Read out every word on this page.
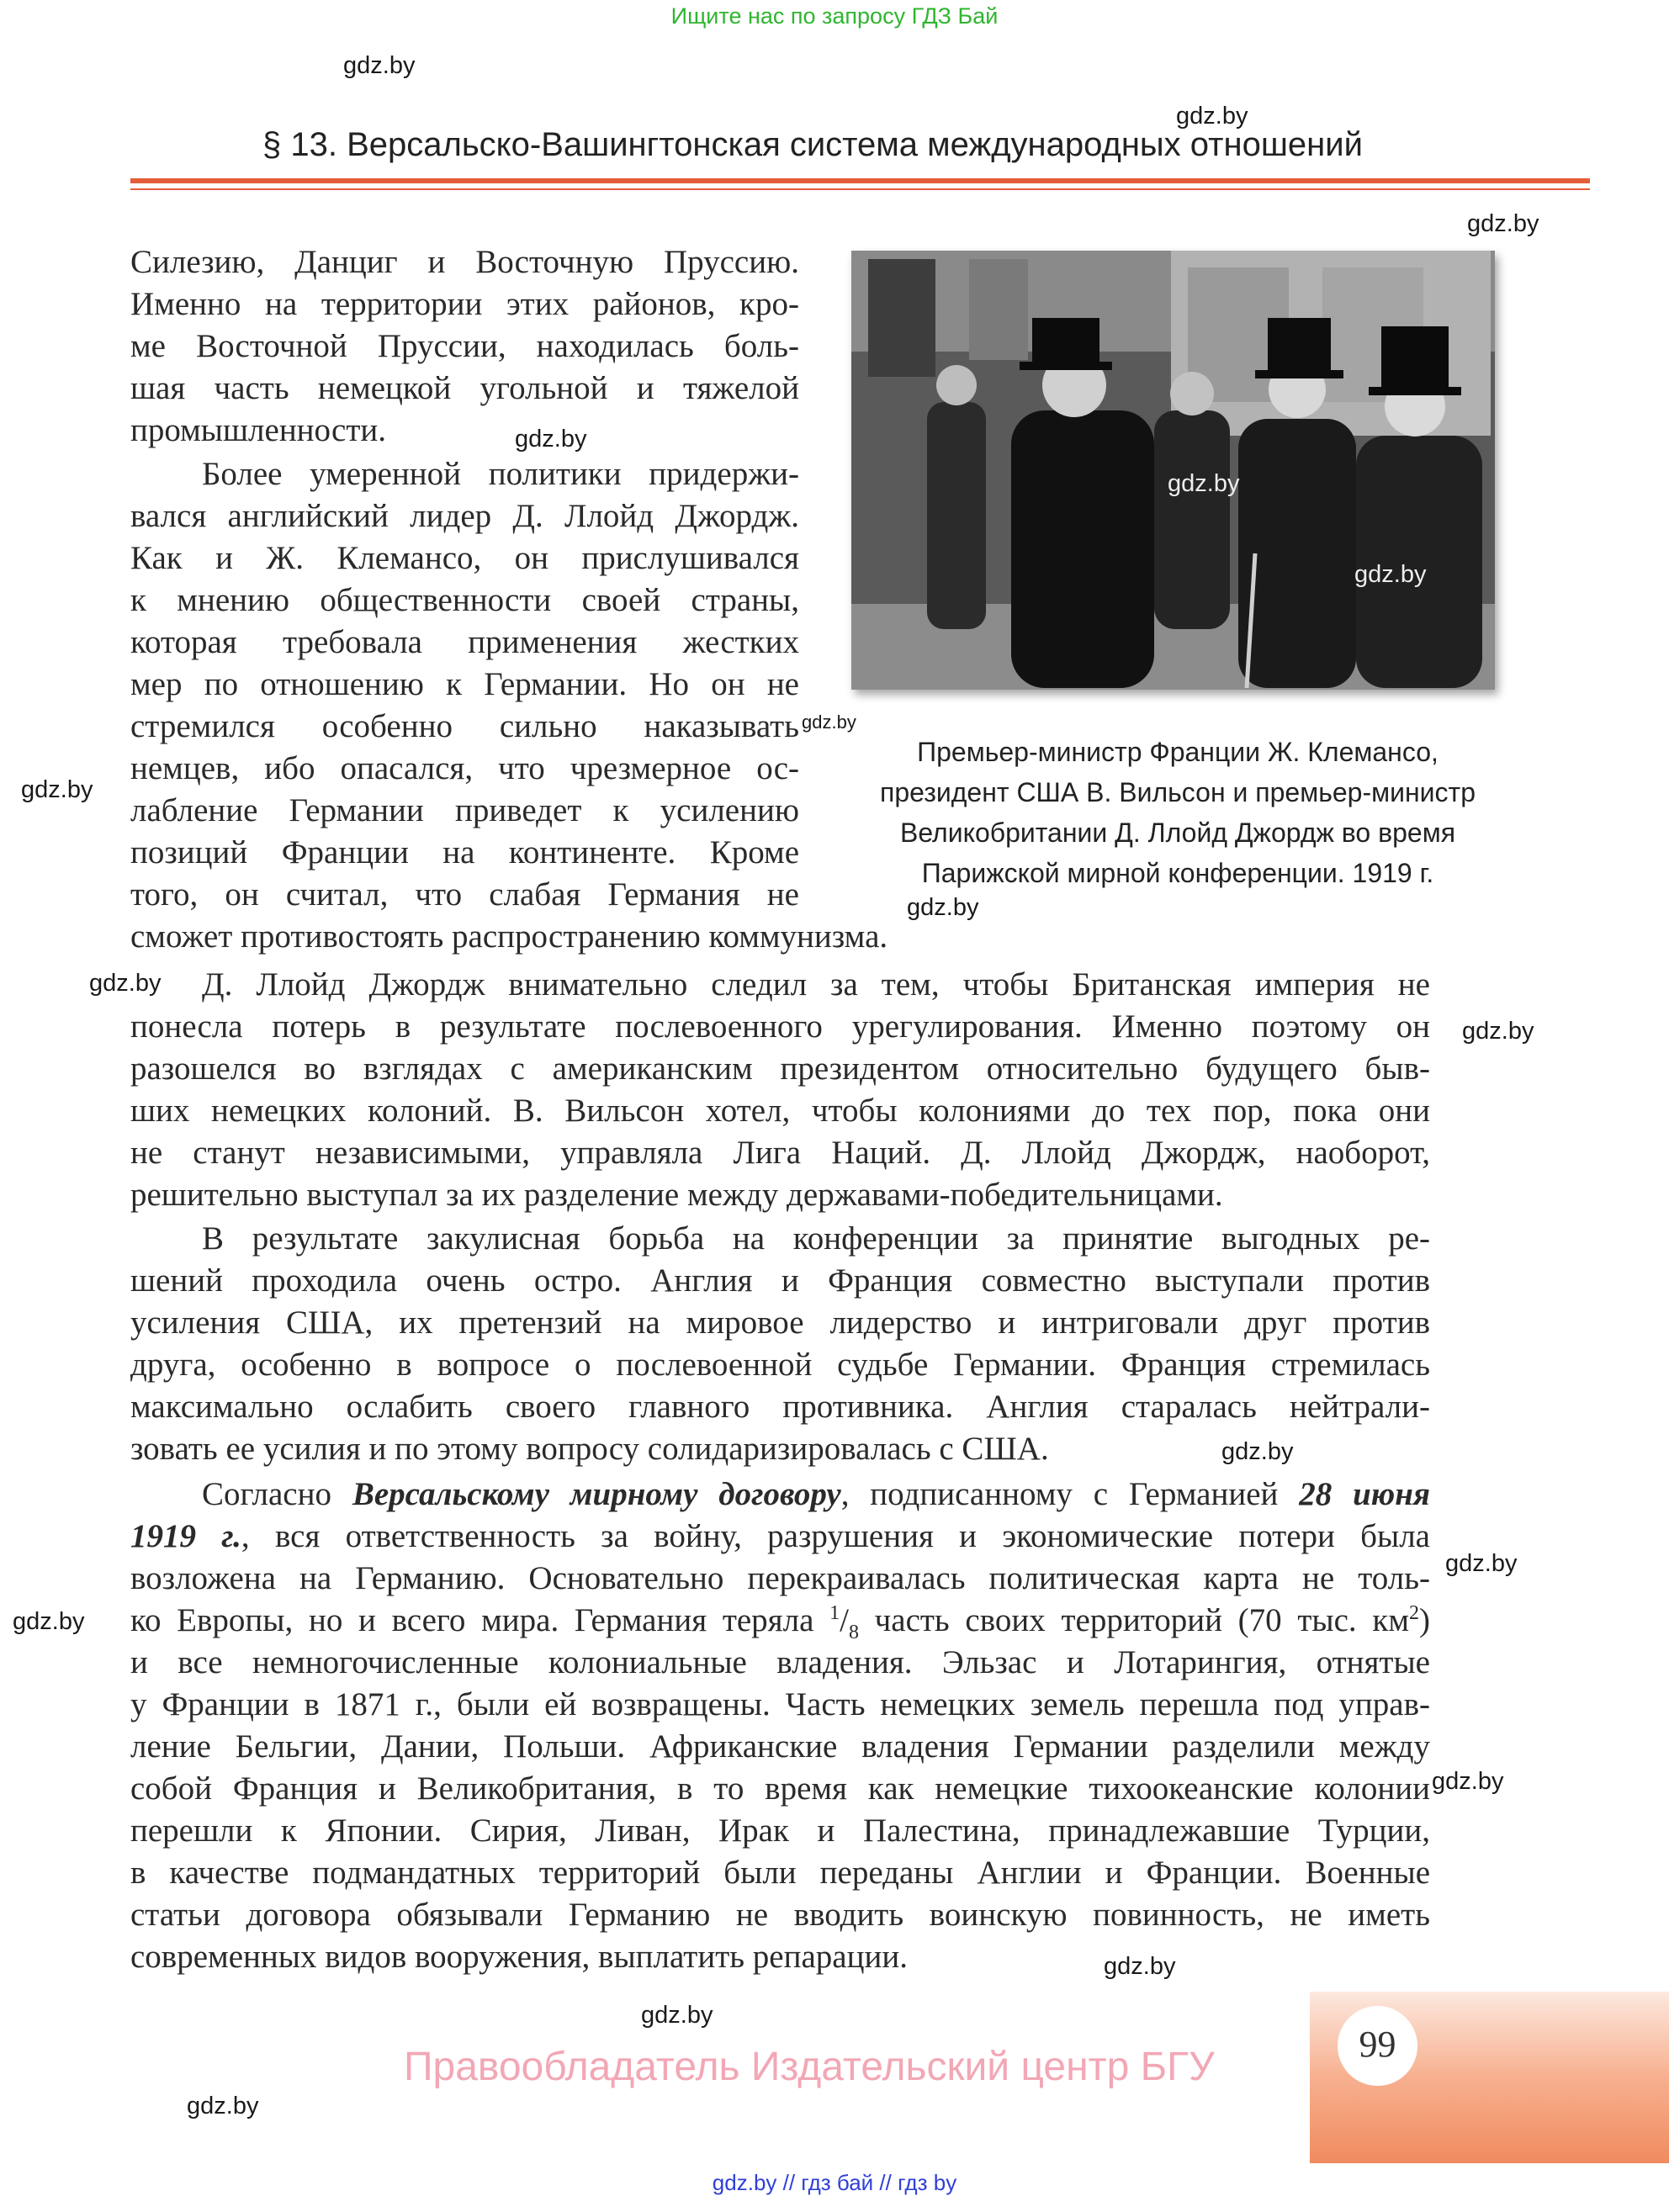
Ищите нас по запросу ГДЗ Бай
§ 13. Версальско-Вашингтонская система международных отношений
Силезию, Данциг и Восточную Пруссию.
Именно на территории этих районов, кро-
ме Восточной Пруссии, находилась боль-
шая часть немецкой угольной и тяжелой
промышленности.
Более умеренной политики придержи-
вался английский лидер Д. Ллойд Джордж.
Как и Ж. Клемансо, он прислушивался
к мнению общественности своей страны,
которая требовала применения жестких
мер по отношению к Германии. Но он не
стремился особенно сильно наказывать
немцев, ибо опасался, что чрезмерное ос-
лабление Германии приведет к усилению
позиций Франции на континенте. Кроме
того, он считал, что слабая Германия не
сможет противостоять распространению коммунизма.
Д. Ллойд Джордж внимательно следил за тем, чтобы Британская империя не
понесла потерь в результате послевоенного урегулирования. Именно поэтому он
разошелся во взглядах с американским президентом относительно будущего быв-
ших немецких колоний. В. Вильсон хотел, чтобы колониями до тех пор, пока они
не станут независимыми, управляла Лига Наций. Д. Ллойд Джордж, наоборот,
решительно выступал за их разделение между державами-победительницами.
В результате закулисная борьба на конференции за принятие выгодных ре-
шений проходила очень остро. Англия и Франция совместно выступали против
усиления США, их претензий на мировое лидерство и интриговали друг против
друга, особенно в вопросе о послевоенной судьбе Германии. Франция стремилась
максимально ослабить своего главного противника. Англия старалась нейтрали-
зовать ее усилия и по этому вопросу солидаризировалась с США.
Согласно Версальскому мирному договору, подписанному с Германией 28 июня
1919 г., вся ответственность за войну, разрушения и экономические потери была
возложена на Германию. Основательно перекраивалась политическая карта не толь-
ко Европы, но и всего мира. Германия теряла $^1/_8$ часть своих территорий (70 тыс. $км^2$)
и все немногочисленные колониальные владения. Эльзас и Лотарингия, отнятые
у Франции в 1871 г., были ей возвращены. Часть немецких земель перешла под управ-
ление Бельгии, Дании, Польши. Африканские владения Германии разделили между
собой Франция и Великобритания, в то время как немецкие тихоокеанские колонии
перешли к Японии. Сирия, Ливан, Ирак и Палестина, принадлежавшие Турции,
в качестве подмандатных территорий были переданы Англии и Франции. Военные
статьи договора обязывали Германию не вводить воинскую повинность, не иметь
современных видов вооружения, выплатить репарации.
Премьер-министр Франции Ж. Клемансо,
президент США В. Вильсон и премьер-министр
Великобритании Д. Ллойд Джордж во время
Парижской мирной конференции. 1919 г.
gdz.by
gdz.by
gdz.by
gdz.by
gdz.by
gdz.by
gdz.by
gdz.by
gdz.by
gdz.by
gdz.by
gdz.by
gdz.by
gdz.by
gdz.by
gdz.by
gdz.by
gdz.by
99
Правообладатель Издательский центр БГУ
gdz.by // гдз бай // гдз by
